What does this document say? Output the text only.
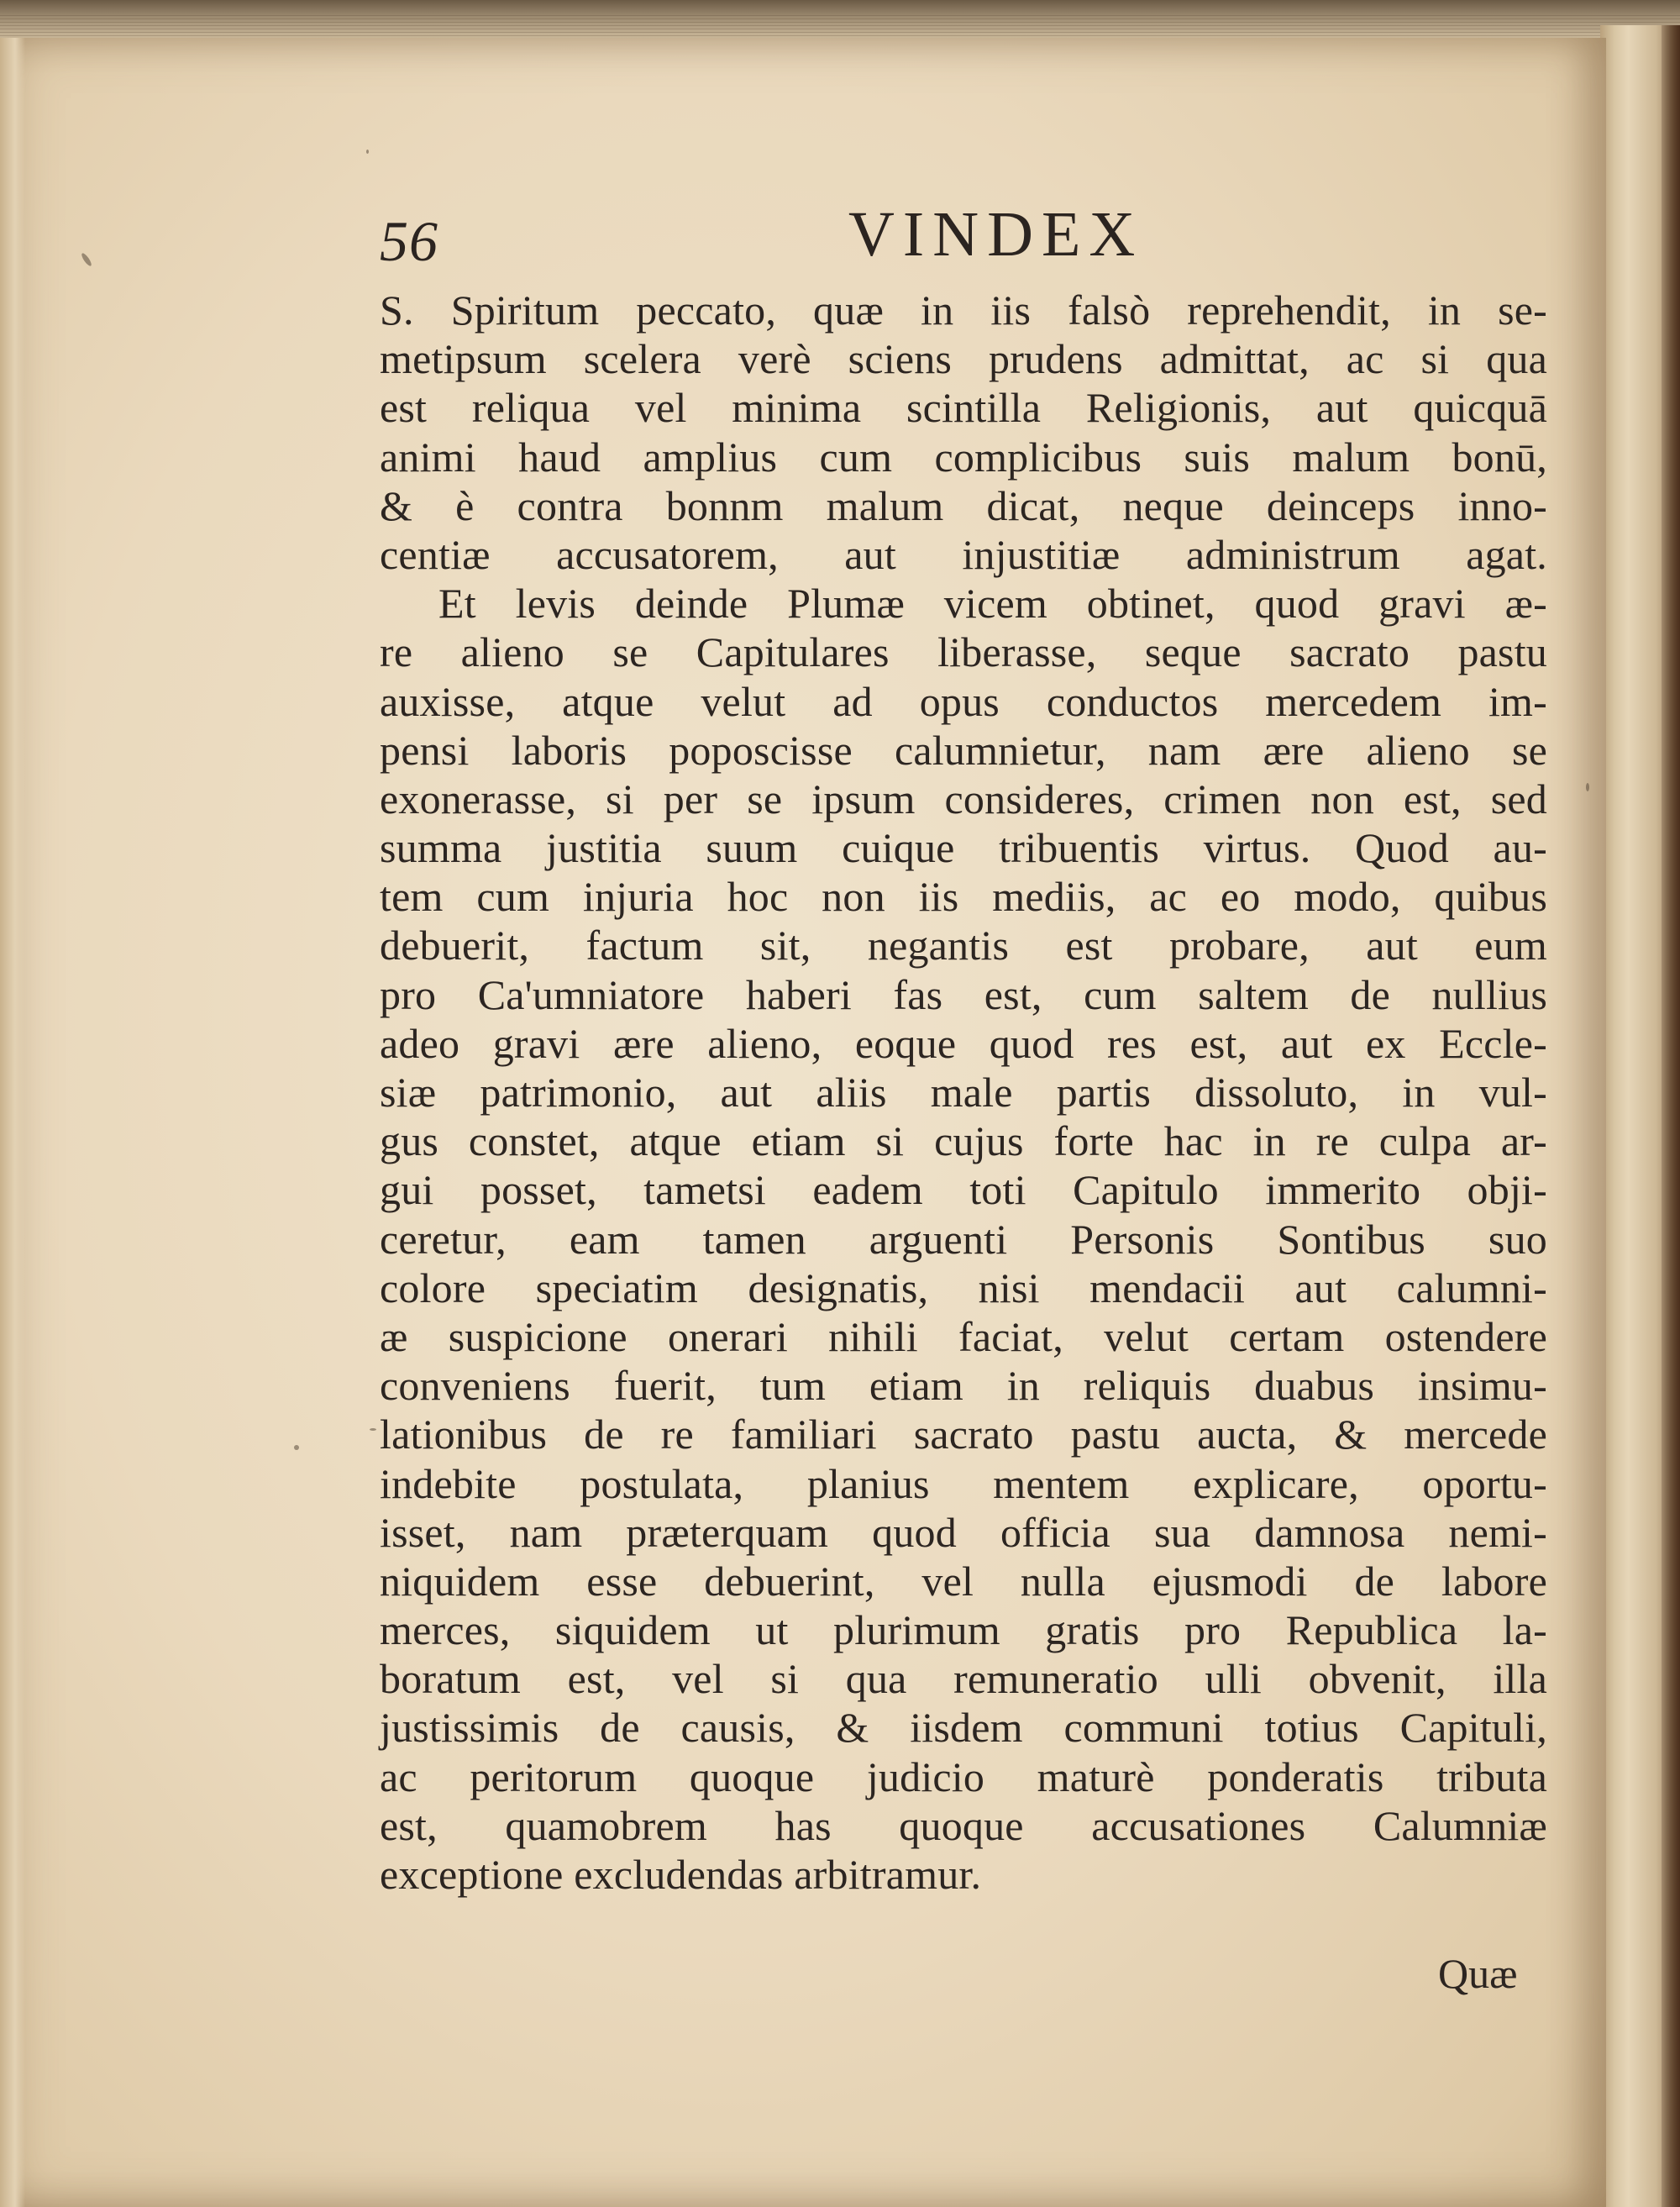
56	VINDEX
S. Spiritum peccato, quæ in iis falsò reprehendit, in se-
metipsum scelera verè sciens prudens admittat, ac si qua
est reliqua vel minima scintilla Religionis, aut quicquā
animi haud amplius cum complicibus suis malum bonū,
& è contra bonnm malum dicat, neque deinceps inno-
centiæ accusatorem, aut injustitiæ administrum agat.
Et levis deinde Plumæ vicem obtinet, quod gravi æ-
re alieno se Capitulares liberasse, seque sacrato pastu
auxisse, atque velut ad opus conductos mercedem im-
pensi laboris poposcisse calumnietur, nam ære alieno se
exonerasse, si per se ipsum consideres, crimen non est, sed
summa justitia suum cuique tribuentis virtus. Quod au-
tem cum injuria hoc non iis mediis, ac eo modo, quibus
debuerit, factum sit, negantis est probare, aut eum
pro Ca'umniatore haberi fas est, cum saltem de nullius
adeo gravi ære alieno, eoque quod res est, aut ex Eccle-
siæ patrimonio, aut aliis male partis dissoluto, in vul-
gus constet, atque etiam si cujus forte hac in re culpa ar-
gui posset, tametsi eadem toti Capitulo immerito obji-
ceretur, eam tamen arguenti Personis Sontibus suo
colore speciatim designatis, nisi mendacii aut calumni-
æ suspicione onerari nihili faciat, velut certam ostendere
conveniens fuerit, tum etiam in reliquis duabus insimu-
lationibus de re familiari sacrato pastu aucta, & mercede
indebite postulata, planius mentem explicare, oportu-
isset, nam præterquam quod officia sua damnosa nemi-
niquidem esse debuerint, vel nulla ejusmodi de labore
merces, siquidem ut plurimum gratis pro Republica la-
boratum est, vel si qua remuneratio ulli obvenit, illa
justissimis de causis, & iisdem communi totius Capituli,
ac peritorum quoque judicio maturè ponderatis tributa
est, quamobrem has quoque accusationes Calumniæ
exceptione excludendas arbitramur.
Quæ
